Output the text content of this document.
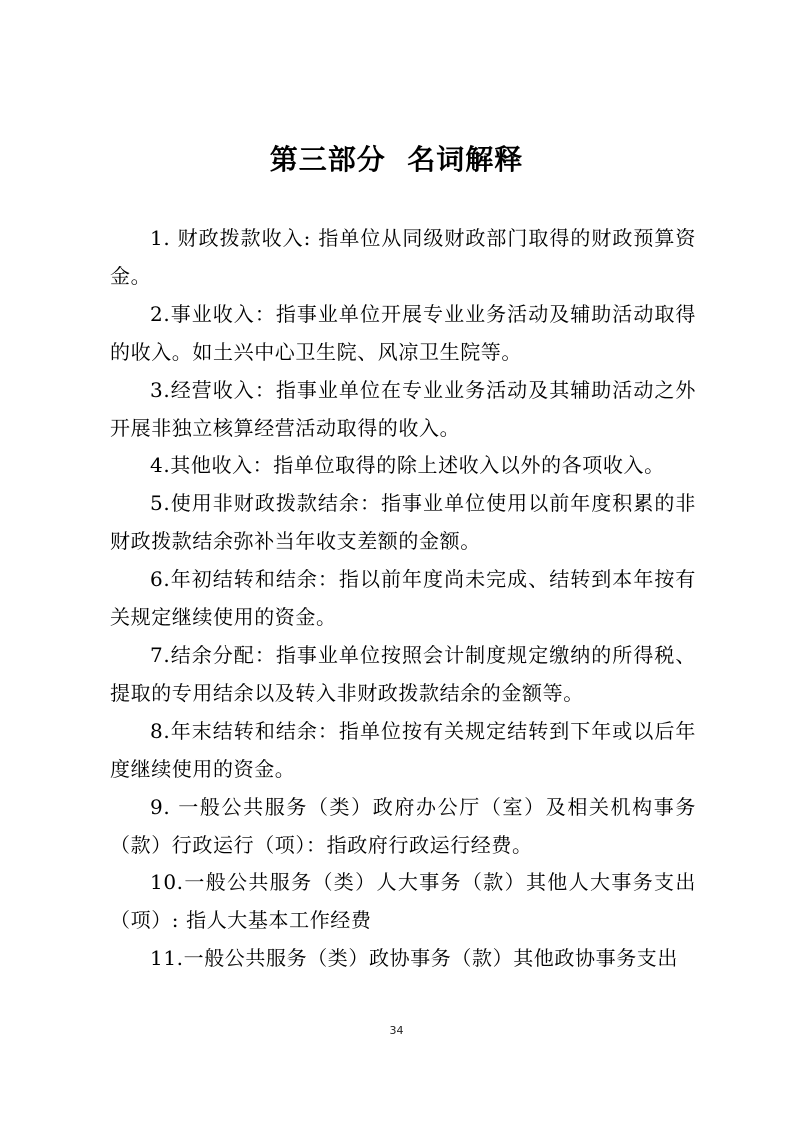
第三部分  名词解释

1. 财政拨款收入: 指单位从同级财政部门取得的财政预算资金。

2.事业收入：指事业单位开展专业业务活动及辅助活动取得的收入。如土兴中心卫生院、风凉卫生院等。

3.经营收入：指事业单位在专业业务活动及其辅助活动之外开展非独立核算经营活动取得的收入。

4.其他收入：指单位取得的除上述收入以外的各项收入。

5.使用非财政拨款结余：指事业单位使用以前年度积累的非财政拨款结余弥补当年收支差额的金额。

6.年初结转和结余：指以前年度尚未完成、结转到本年按有关规定继续使用的资金。

7.结余分配：指事业单位按照会计制度规定缴纳的所得税、提取的专用结余以及转入非财政拨款结余的金额等。

8.年末结转和结余：指单位按有关规定结转到下年或以后年度继续使用的资金。

9. 一般公共服务（类）政府办公厅（室）及相关机构事务（款）行政运行（项）：指政府行政运行经费。

10.一般公共服务（类）人大事务（款）其他人大事务支出（项）: 指人大基本工作经费

11.一般公共服务（类）政协事务（款）其他政协事务支出

34
